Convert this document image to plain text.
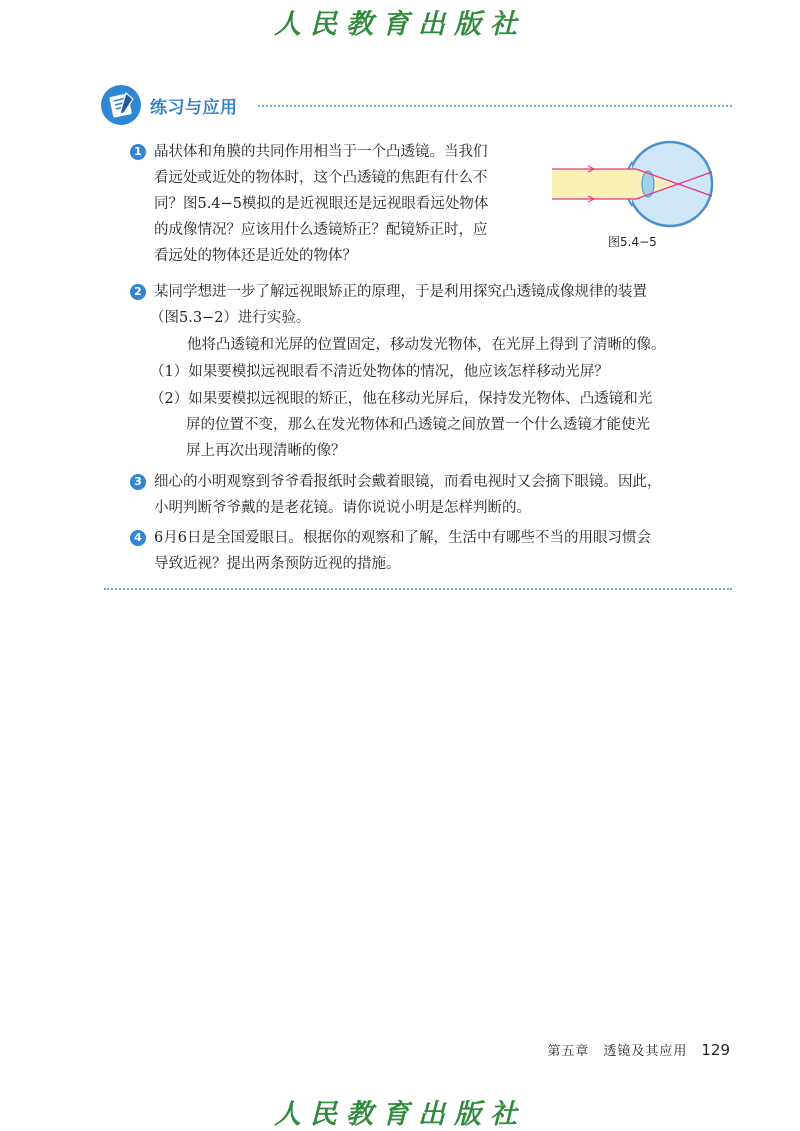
人民教育出版社
练习与应用
1 晶状体和角膜的共同作用相当于一个凸透镜。当我们
看远处或近处的物体时，这个凸透镜的焦距有什么不
同？图5.4−5模拟的是近视眼还是远视眼看远处物体
的成像情况？应该用什么透镜矫正？配镜矫正时，应
看远处的物体还是近处的物体？
图5.4−5
2 某同学想进一步了解远视眼矫正的原理，于是利用探究凸透镜成像规律的装置
（图5.3−2）进行实验。
他将凸透镜和光屏的位置固定，移动发光物体，在光屏上得到了清晰的像。
（1）如果要模拟远视眼看不清近处物体的情况，他应该怎样移动光屏？
（2）如果要模拟远视眼的矫正，他在移动光屏后，保持发光物体、凸透镜和光
屏的位置不变，那么在发光物体和凸透镜之间放置一个什么透镜才能使光
屏上再次出现清晰的像？
3 细心的小明观察到爷爷看报纸时会戴着眼镜，而看电视时又会摘下眼镜。因此，
小明判断爷爷戴的是老花镜。请你说说小明是怎样判断的。
4 6月6日是全国爱眼日。根据你的观察和了解，生活中有哪些不当的用眼习惯会
导致近视？提出两条预防近视的措施。
第五章　透镜及其应用 129
人民教育出版社
